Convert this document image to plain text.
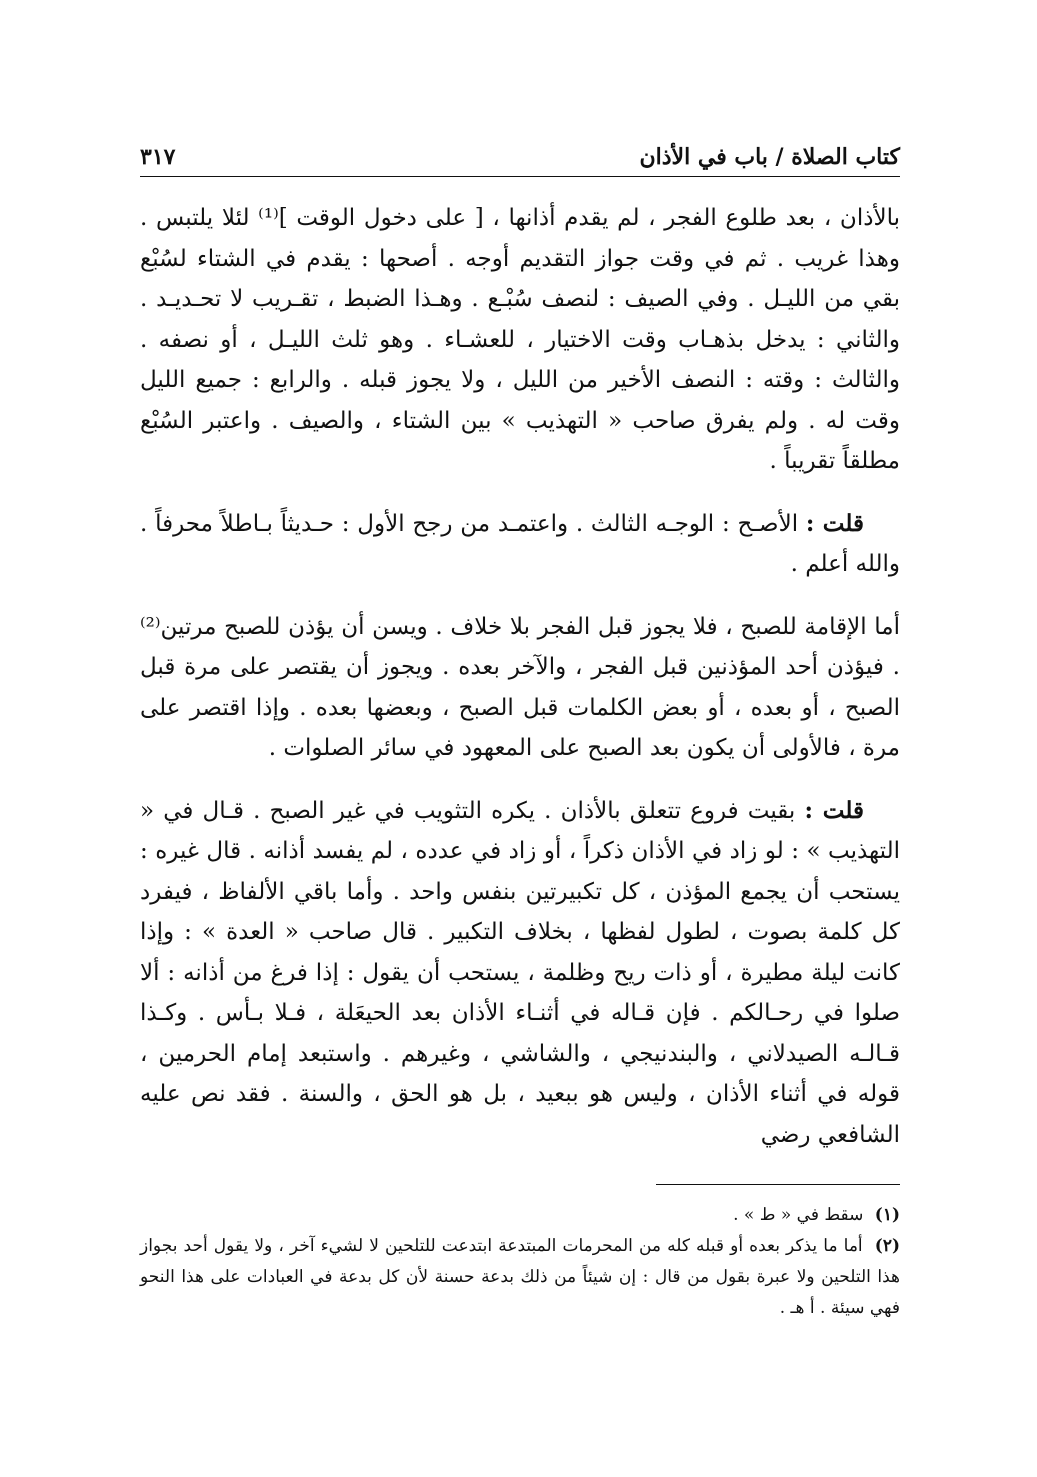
كتاب الصلاة / باب في الأذان
٣١٧

بالأذان ، بعد طلوع الفجر ، لم يقدم أذانها ، [ على دخول الوقت ]⁽¹⁾ لئلا يلتبس . وهذا غريب . ثم في وقت جواز التقديم أوجه . أصحها : يقدم في الشتاء لسُبْع بقي من الليـل . وفي الصيف : لنصف سُبْـع . وهـذا الضبط ، تقـريب لا تحـديـد . والثاني : يدخل بذهـاب وقت الاختيار ، للعشـاء . وهو ثلث الليـل ، أو نصفه . والثالث : وقته : النصف الأخير من الليل ، ولا يجوز قبله . والرابع : جميع الليل وقت له . ولم يفرق صاحب « التهذيب » بين الشتاء ، والصيف . واعتبر السُبْع مطلقاً تقريباً .

قلت : الأصـح : الوجـه الثالث . واعتمـد من رجح الأول : حـديثاً بـاطلاً محرفاً . والله أعلم .

أما الإقامة للصبح ، فلا يجوز قبل الفجر بلا خلاف . ويسن أن يؤذن للصبح مرتين⁽²⁾ . فيؤذن أحد المؤذنين قبل الفجر ، والآخر بعده . ويجوز أن يقتصر على مرة قبل الصبح ، أو بعده ، أو بعض الكلمات قبل الصبح ، وبعضها بعده . وإذا اقتصر على مرة ، فالأولى أن يكون بعد الصبح على المعهود في سائر الصلوات .

قلت : بقيت فروع تتعلق بالأذان . يكره التثويب في غير الصبح . قـال في « التهذيب » : لو زاد في الأذان ذكراً ، أو زاد في عدده ، لم يفسد أذانه . قال غيره : يستحب أن يجمع المؤذن ، كل تكبيرتين بنفس واحد . وأما باقي الألفاظ ، فيفرد كل كلمة بصوت ، لطول لفظها ، بخلاف التكبير . قال صاحب « العدة » : وإذا كانت ليلة مطيرة ، أو ذات ريح وظلمة ، يستحب أن يقول : إذا فرغ من أذانه : ألا صلوا في رحـالكم . فإن قـاله في أثنـاء الأذان بعد الحيعَلة ، فـلا بـأس . وكـذا قـالـه الصيدلاني ، والبندنيجي ، والشاشي ، وغيرهم . واستبعد إمام الحرمين ، قوله في أثناء الأذان ، وليس هو ببعيد ، بل هو الحق ، والسنة . فقد نص عليه الشافعي رضي

(١) سقط في « ط » .

(٢) أما ما يذكر بعده أو قبله كله من المحرمات المبتدعة ابتدعت للتلحين لا لشيء آخر ، ولا يقول أحد بجواز هذا التلحين ولا عبرة بقول من قال : إن شيئاً من ذلك بدعة حسنة لأن كل بدعة في العبادات على هذا النحو فهي سيئة . أ هـ .
